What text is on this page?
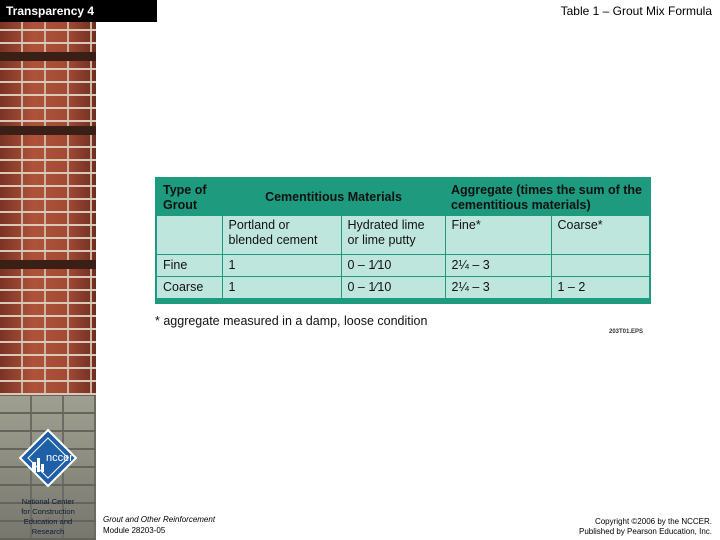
nccer
National Center
for Construction
Education and
Research
Transparency 4	Table 1 – Grout Mix Formula
Type of Grout	Cementitious Materials		Aggregate (times the sum of the cementitious materials)	
	Portland or blended cement	Hydrated lime or lime putty	Fine*	Coarse*
Fine	1	0 – 1⁄10	2¼ – 3	
Coarse	1	0 – 1⁄10	2¼ – 3	1 – 2
* aggregate measured in a damp, loose condition
203T01.EPS
Grout and Other Reinforcement
Module 28203-05
Copyright ©2006 by the NCCER.
Published by Pearson Education, Inc.
